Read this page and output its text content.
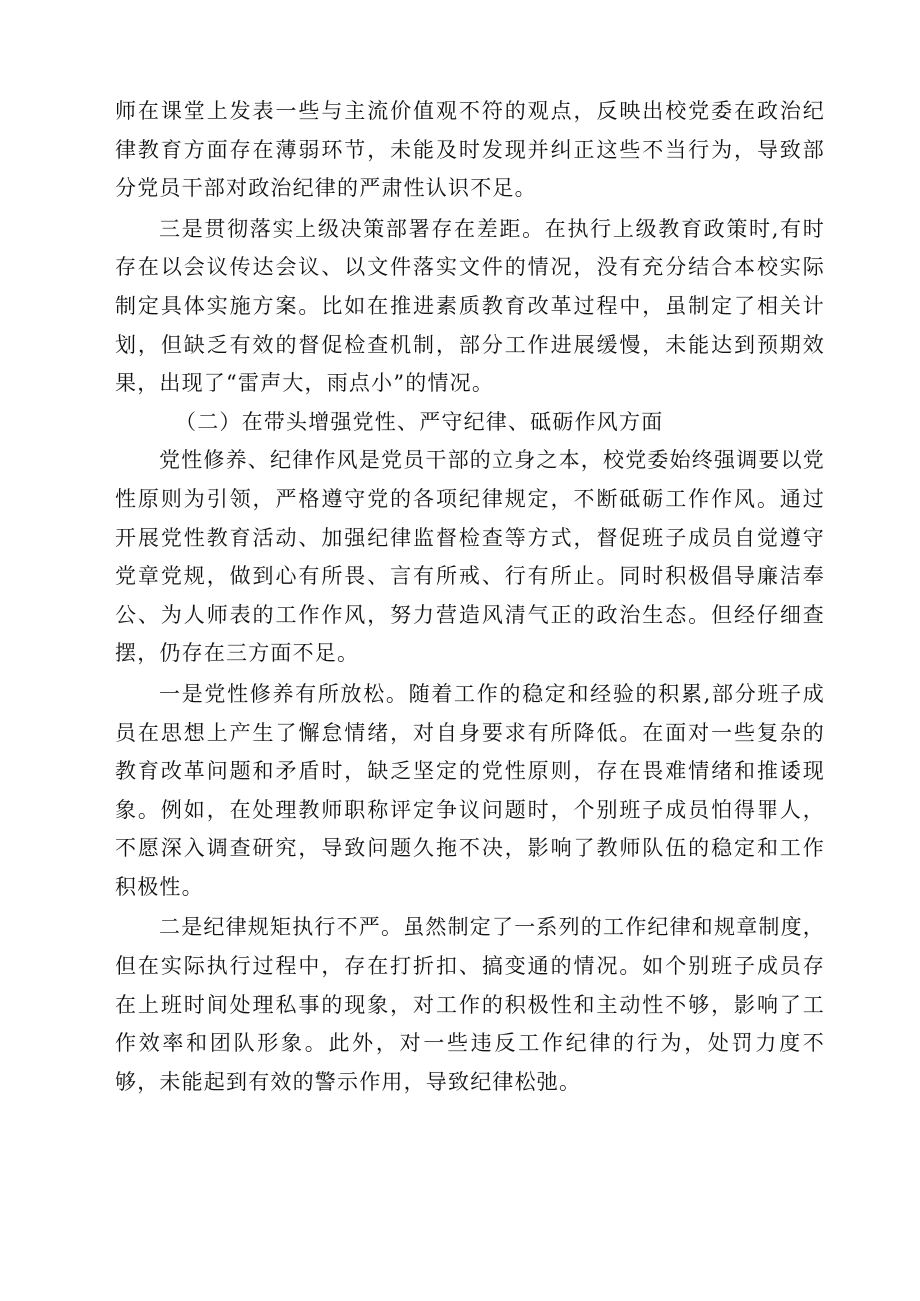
师在课堂上发表一些与主流价值观不符的观点，反映出校党委在政治纪律教育方面存在薄弱环节，未能及时发现并纠正这些不当行为，导致部分党员干部对政治纪律的严肃性认识不足。

三是贯彻落实上级决策部署存在差距。在执行上级教育政策时,有时存在以会议传达会议、以文件落实文件的情况，没有充分结合本校实际制定具体实施方案。比如在推进素质教育改革过程中，虽制定了相关计划，但缺乏有效的督促检查机制，部分工作进展缓慢，未能达到预期效果，出现了“雷声大，雨点小”的情况。

（二）在带头增强党性、严守纪律、砥砺作风方面

党性修养、纪律作风是党员干部的立身之本，校党委始终强调要以党性原则为引领，严格遵守党的各项纪律规定，不断砥砺工作作风。通过开展党性教育活动、加强纪律监督检查等方式，督促班子成员自觉遵守党章党规，做到心有所畏、言有所戒、行有所止。同时积极倡导廉洁奉公、为人师表的工作作风，努力营造风清气正的政治生态。但经仔细查摆，仍存在三方面不足。

一是党性修养有所放松。随着工作的稳定和经验的积累,部分班子成员在思想上产生了懈怠情绪，对自身要求有所降低。在面对一些复杂的教育改革问题和矛盾时，缺乏坚定的党性原则，存在畏难情绪和推诿现象。例如，在处理教师职称评定争议问题时，个别班子成员怕得罪人，不愿深入调查研究，导致问题久拖不决，影响了教师队伍的稳定和工作积极性。

二是纪律规矩执行不严。虽然制定了一系列的工作纪律和规章制度，但在实际执行过程中，存在打折扣、搞变通的情况。如个别班子成员存在上班时间处理私事的现象，对工作的积极性和主动性不够，影响了工作效率和团队形象。此外，对一些违反工作纪律的行为，处罚力度不够，未能起到有效的警示作用，导致纪律松弛。
